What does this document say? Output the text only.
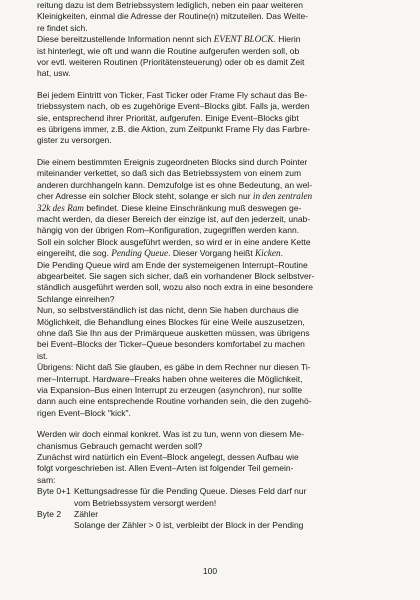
reitung dazu ist dem Betriebssystem lediglich, neben ein paar weiteren
Kleinigkeiten, einmal die Adresse der Routine(n) mitzuteilen. Das Weite-
re findet sich.

Diese bereitzustellende Information nennt sich EVENT BLOCK. Hierin
ist hinterlegt, wie oft und wann die Routine aufgerufen werden soll, ob
vor evtl. weiteren Routinen (Prioritätensteuerung) oder ob es damit Zeit
hat, usw.

Bei jedem Eintritt von Ticker, Fast Ticker oder Frame Fly schaut das Be-
triebssystem nach, ob es zugehörige Event–Blocks gibt. Falls ja, werden
sie, entsprechend ihrer Priorität, aufgerufen. Einige Event–Blocks gibt
es übrigens immer, z.B. die Aktion, zum Zeitpunkt Frame Fly das Farbre-
gister zu versorgen.

Die einem bestimmten Ereignis zugeordneten Blocks sind durch Pointer
miteinander verkettet, so daß sich das Betriebssystem von einem zum
anderen durchhangeln kann. Demzufolge ist es ohne Bedeutung, an wel-
cher Adresse ein solcher Block steht, solange er sich nur in den zentralen
32k des Ram befindet. Diese kleine Einschränkung muß deswegen ge-
macht werden, da dieser Bereich der einzige ist, auf den jederzeit, unab-
hängig von der übrigen Rom–Konfiguration, zugegriffen werden kann.
Soll ein solcher Block ausgeführt werden, so wird er in eine andere Kette
eingereiht, die sog. Pending Queue. Dieser Vorgang heißt Kicken.

Die Pending Queue wird am Ende der systemeigenen Interrupt–Routine
abgearbeitet. Sie sagen sich sicher, daß ein vorhandener Block selbstver-
ständlich ausgeführt werden soll, wozu also noch extra in eine besondere
Schlange einreihen?

Nun, so selbstverständlich ist das nicht, denn Sie haben durchaus die
Möglichkeit, die Behandlung eines Blockes für eine Weile auszusetzen,
ohne daß Sie Ihn aus der Primärqueue ausketten müssen, was übrigens
bei Event–Blocks der Ticker–Queue besonders komfortabel zu machen
ist.

Übrigens: Nicht daß Sie glauben, es gäbe in dem Rechner nur diesen Ti-
mer–Interrupt. Hardware–Freaks haben ohne weiteres die Möglichkeit,
via Expansion–Bus einen Interrupt zu erzeugen (asynchron), nur sollte
dann auch eine entsprechende Routine vorhanden sein, die den zugehö-
rigen Event–Block "kick".

Werden wir doch einmal konkret. Was ist zu tun, wenn von diesem Me-
chanismus Gebrauch gemacht werden soll?
Zunächst wird natürlich ein Event–Block angelegt, dessen Aufbau wie
folgt vorgeschrieben ist. Allen Event–Arten ist folgender Teil gemein-
sam:

Byte 0+1 Kettungsadresse für die Pending Queue. Dieses Feld darf nur
vom Betriebssystem versorgt werden!
Byte 2	Zähler
Solange der Zähler > 0 ist, verbleibt der Block in der Pending
100
